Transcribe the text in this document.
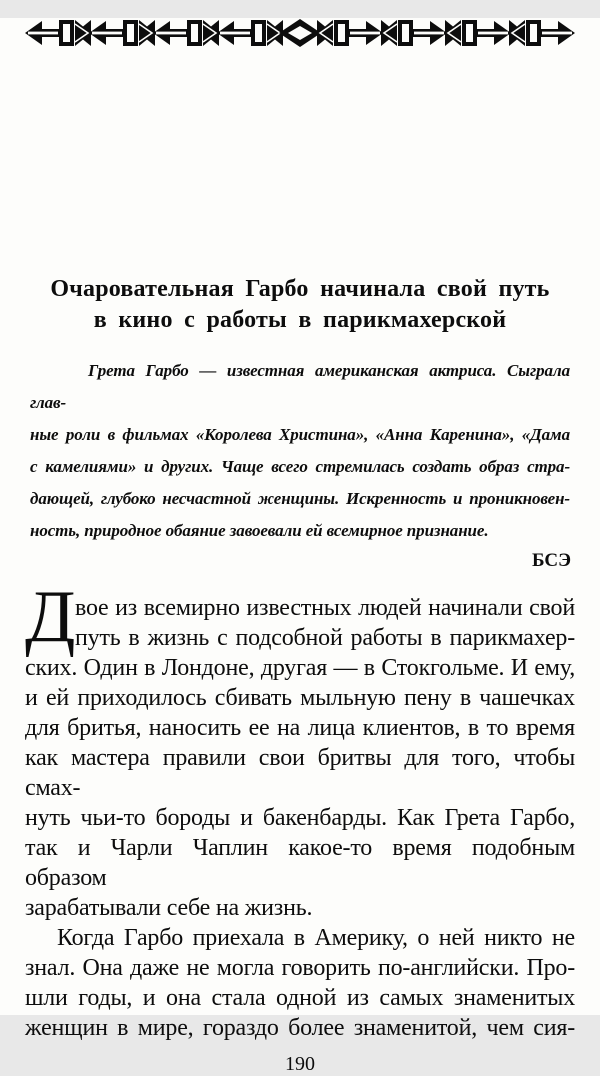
Очаровательная Гарбо начинала свой путь
в кино с работы в парикмахерской
Грета Гарбо — известная американская актриса. Сыграла глав-
ные роли в фильмах «Королева Христина», «Анна Каренина», «Дама
с камелиями» и других. Чаще всего стремилась создать образ стра-
дающей, глубоко несчастной женщины. Искренность и проникновен-
ность, природное обаяние завоевали ей всемирное признание.
БСЭ
Д вое из всемирно известных людей начинали свой
путь в жизнь с подсобной работы в парикмахер-
ских. Один в Лондоне, другая — в Стокгольме. И ему,
и ей приходилось сбивать мыльную пену в чашечках
для бритья, наносить ее на лица клиентов, в то время
как мастера правили свои бритвы для того, чтобы смах-
нуть чьи-то бороды и бакенбарды. Как Грета Гарбо,
так и Чарли Чаплин какое-то время подобным образом
зарабатывали себе на жизнь.
Когда Гарбо приехала в Америку, о ней никто не
знал. Она даже не могла говорить по-английски. Про-
шли годы, и она стала одной из самых знаменитых
женщин в мире, гораздо более знаменитой, чем сия-
190
